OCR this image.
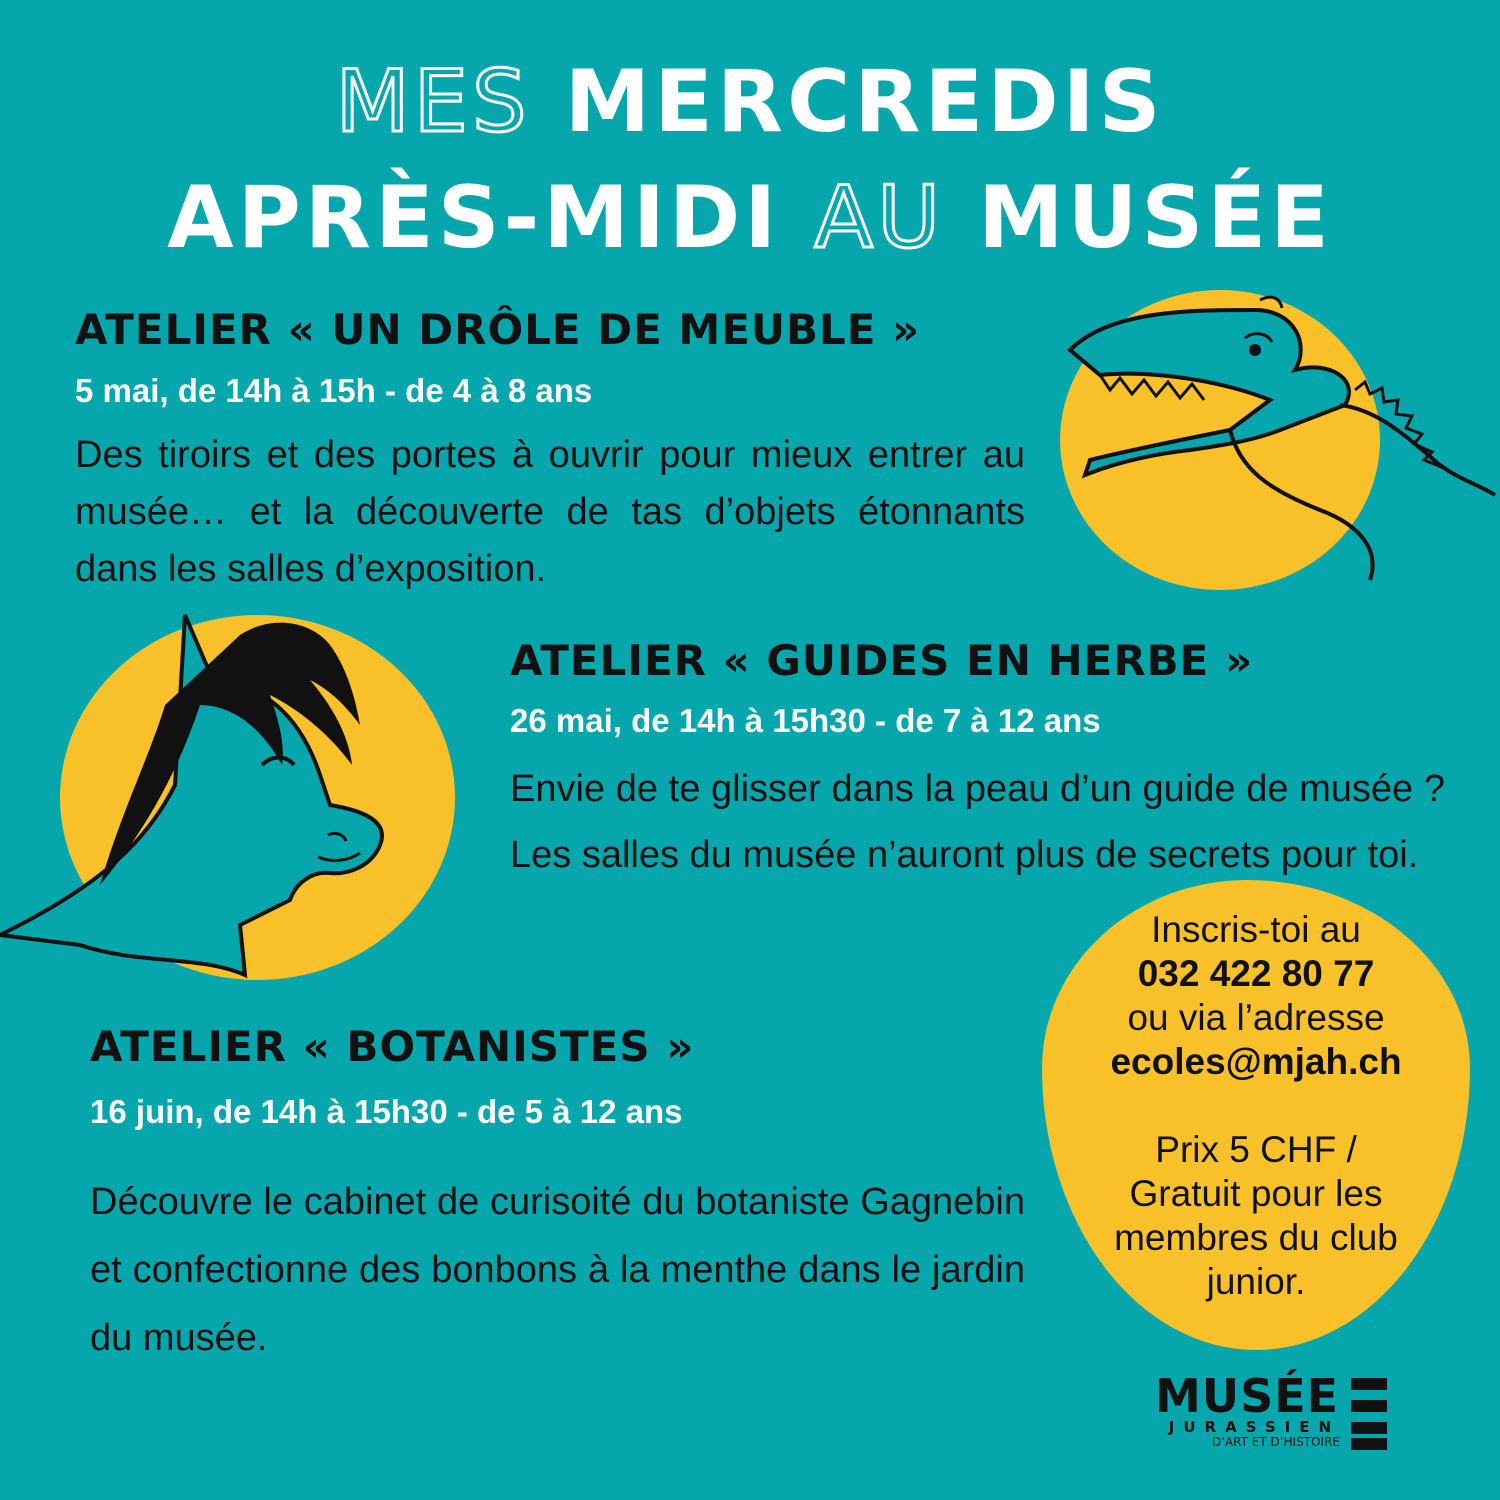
MES MERCREDIS
APRÈS-MIDI AU MUSÉE
ATELIER « UN DRÔLE DE MEUBLE »
5 mai, de 14h à 15h - de 4 à 8 ans
Des tiroirs et des portes à ouvrir pour mieux entrer au musée… et la découverte de tas d’objets étonnants dans les salles d’exposition.
ATELIER « GUIDES EN HERBE »
26 mai, de 14h à 15h30 - de 7 à 12 ans
Envie de te glisser dans la peau d’un guide de musée ? Les salles du musée n’auront plus de secrets pour toi.
ATELIER « BOTANISTES »
16 juin, de 14h à 15h30 - de 5 à 12 ans
Découvre le cabinet de curisoité du botaniste Gagnebin et confectionne des bonbons à la menthe dans le jardin du musée.
Inscris-toi au
032 422 80 77
ou via l’adresse
ecoles@mjah.ch
Prix 5 CHF /
Gratuit pour les
membres du club
junior.
MUSÉE
JURASSIEN
D’ART ET D’HISTOIRE
